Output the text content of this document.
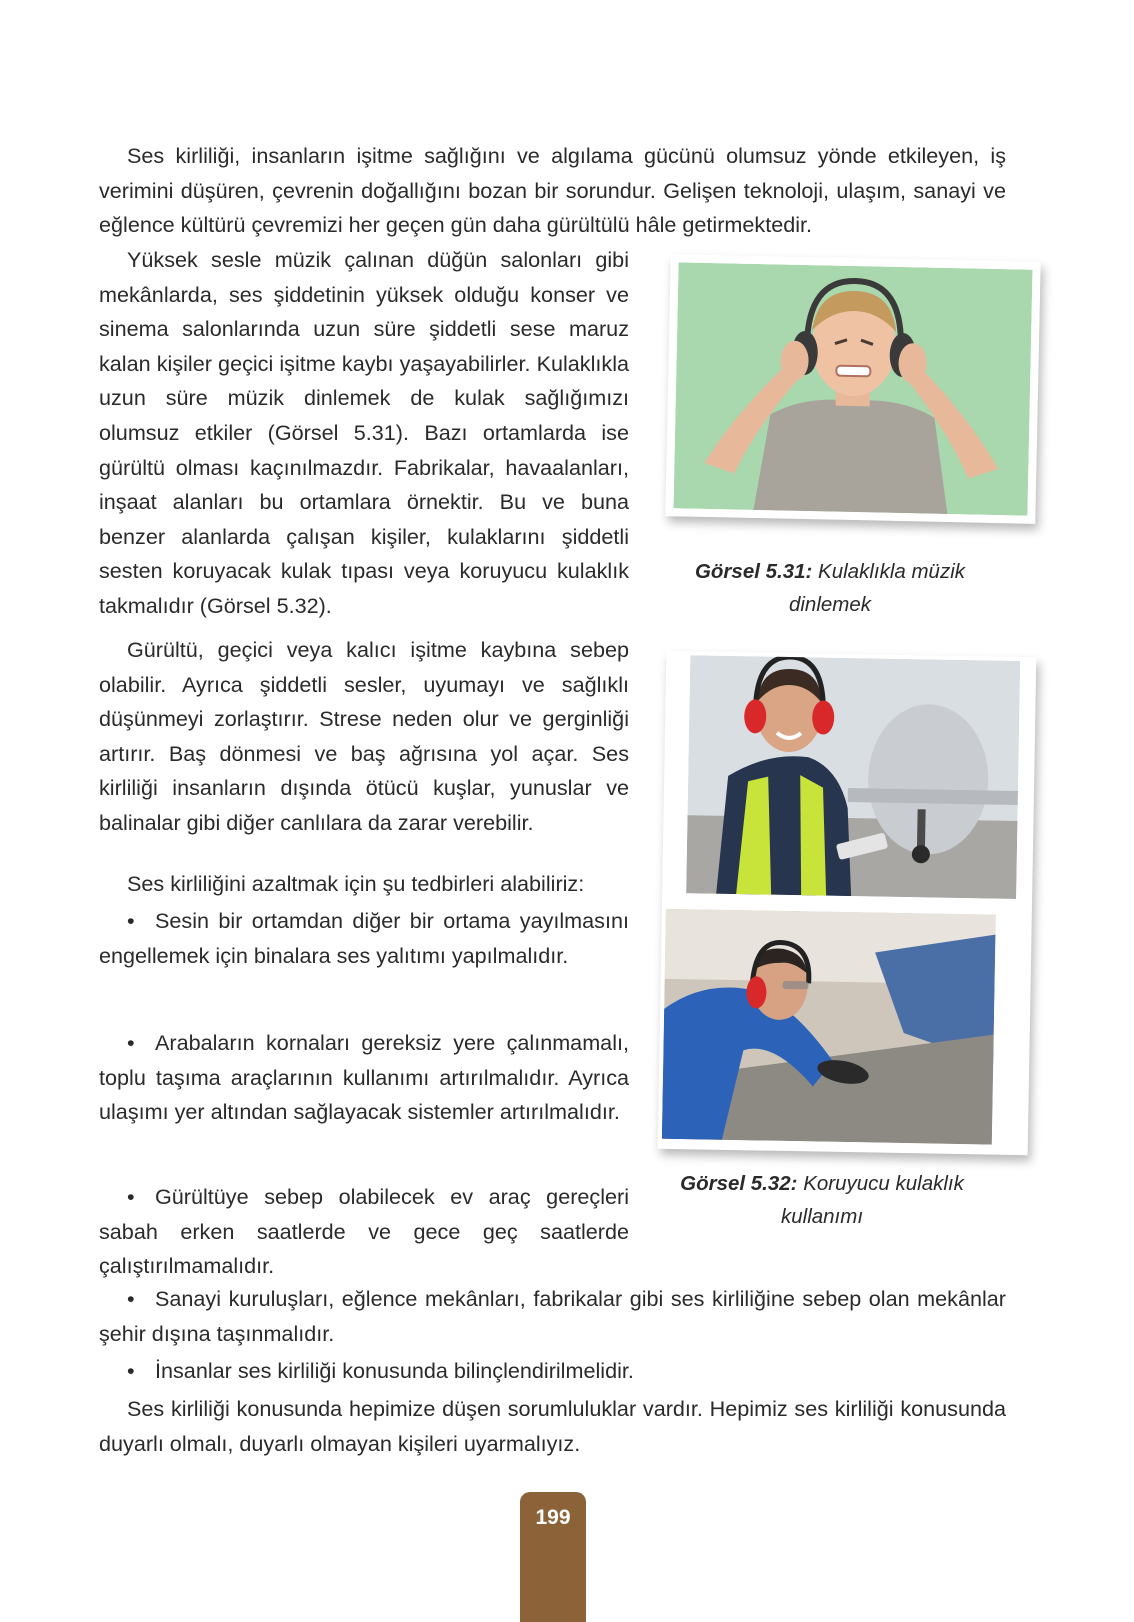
Ses kirliliği, insanların işitme sağlığını ve algılama gücünü olumsuz yönde etkileyen, iş verimini düşüren, çevrenin doğallığını bozan bir sorundur. Gelişen teknoloji, ulaşım, sanayi ve eğlence kültürü çevremizi her geçen gün daha gürültülü hâle getirmektedir.

Yüksek sesle müzik çalınan düğün salonları gibi mekânlarda, ses şiddetinin yüksek olduğu konser ve sinema salonlarında uzun süre şiddetli sese maruz kalan kişiler geçici işitme kaybı yaşayabilirler. Kulaklıkla uzun süre müzik dinlemek de kulak sağlığımızı olumsuz etkiler (Görsel 5.31). Bazı ortamlarda ise gürültü olması kaçınılmazdır. Fabrikalar, havaalanları, inşaat alanları bu ortamlara örnektir. Bu ve buna benzer alanlarda çalışan kişiler, kulaklarını şiddetli sesten koruyacak kulak tıpası veya koruyucu kulaklık takmalıdır (Görsel 5.32).

Gürültü, geçici veya kalıcı işitme kaybına sebep olabilir. Ayrıca şiddetli sesler, uyumayı ve sağlıklı düşünmeyi zorlaştırır. Strese neden olur ve gerginliği artırır. Baş dönmesi ve baş ağrısına yol açar. Ses kirliliği insanların dışında ötücü kuşlar, yunuslar ve balinalar gibi diğer canlılara da zarar verebilir.

Ses kirliliğini azaltmak için şu tedbirleri alabiliriz:

• Sesin bir ortamdan diğer bir ortama yayılmasını engellemek için binalara ses yalıtımı yapılmalıdır.

• Arabaların kornaları gereksiz yere çalınmamalı, toplu taşıma araçlarının kullanımı artırılmalıdır. Ayrıca ulaşımı yer altından sağlayacak sistemler artırılmalıdır.

• Gürültüye sebep olabilecek ev araç gereçleri sabah erken saatlerde ve gece geç saatlerde çalıştırılmamalıdır.

• Sanayi kuruluşları, eğlence mekânları, fabrikalar gibi ses kirliliğine sebep olan mekânlar şehir dışına taşınmalıdır.

• İnsanlar ses kirliliği konusunda bilinçlendirilmelidir.

Ses kirliliği konusunda hepimize düşen sorumluluklar vardır. Hepimiz ses kirliliği konusunda duyarlı olmalı, duyarlı olmayan kişileri uyarmalıyız.

Görsel 5.31: Kulaklıkla müzik dinlemek
Görsel 5.32: Koruyucu kulaklık kullanımı
199
